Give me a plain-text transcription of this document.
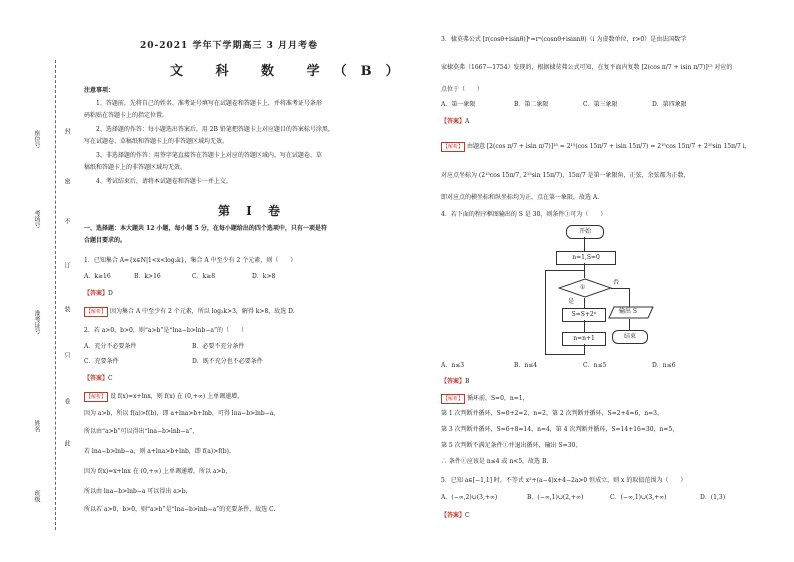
封
密
不
订
装
只
卷
此
座位号
考场号
准考证号
姓名
班级
20-2021 学年下学期高三 3 月月考卷
文 科 数 学（B）
注意事项：
1、答题前，先将自己的姓名、准考证号填写在试题卷和答题卡上，并将准考证号条形
码粘贴在答题卡上的指定位置。
2、选择题的作答：每小题选出答案后，用 2B 铅笔把答题卡上对应题目的答案标号涂黑，
写在试题卷、草稿纸和答题卡上的非答题区域均无效。
3、非选择题的作答：用签字笔直接答在答题卡上对应的答题区域内。写在试题卷、草
稿纸和答题卡上的非答题区域均无效。
4、考试结束后，请将本试题卷和答题卡一并上交。
第 I 卷
一、选择题：本大题共 12 小题，每小题 5 分，在每小题给出的四个选项中，只有一项是符
合题目要求的。
1．已知集合 A={x∈N|1<x<log₂k}，集合 A 中至少有 2 个元素，则（　　）
A．k≥16	B．k>16	C．k≥8	D．k>8
【答案】D
【解析】 因为集合 A 中至少有 2 个元素，所以 log₂k>3，解得 k>8，故选 D.
2．若 a>0，b>0，则“a>b”是“lna−b>lnb−a”的（　　）
A．充分不必要条件	B．必要不充分条件
C．充要条件	D．既不充分也不必要条件
【答案】C
【解析】 设 f(x)=x+lnx，则 f(x) 在 (0,+∞) 上单调递增，
因为 a>b，所以 f(a)>f(b)，即 a+lna>b+lnb，可得 lna−b>lnb−a，
所以由“a>b”可以得出“lna−b>lnb−a”，
若 lna−b>lnb−a，则 a+lna>b+lnb，即 f(a)>f(b)，
因为 f(x)=x+lnx 在 (0,+∞) 上单调递增，所以 a>b，
所以由 lna−b>lnb−a 可以得出 a>b，
所以若 a>0，b>0，则“a>b”是“lna−b>lnb−a”的充要条件，故选 C.
3．棣莫弗公式 [r(cosθ+isinθ)]ⁿ=rⁿ(cosnθ+isinnθ)（i 为虚数单位，r>0）是由法国数学
家棣莫弗（1667—1754）发现的，根据棣莫弗公式可知，在复平面内复数 [2(cos π/7 + isin π/7)]¹⁵ 对应的
点位于（　　）
A．第一象限	B．第二象限	C．第三象限	D．第四象限
【答案】A
【解析】 由题意 [2(cos π/7 + isin π/7)]¹⁵ = 2¹⁵(cos 15π/7 + isin 15π/7) = 2¹⁵cos 15π/7 + 2¹⁵sin 15π/7 i，
对应点坐标为 (2¹⁵cos 15π/7, 2¹⁵sin 15π/7)，15π/7 是第一象限角，正弦，余弦都为正数，
即对应点的横坐标和纵坐标均为正，点在第一象限，故选 A.
4．若下面的程序框图输出的 S 是 30，则条件①可为（　　）
开始
n=1,S=0
①
否
输出 S
结束
是
S=S+2ⁿ
n=n+1
A．n≤3	B．n≤4	C．n≤5	D．n≤6
【答案】B
【解析】 循环前，S=0，n=1，
第 1 次判断并循环，S=0+2=2，n=2，第 2 次判断并循环，S=2+4=6，n=3，
第 3 次判断并循环，S=6+8=14，n=4，第 4 次判断并循环，S=14+16=30，n=5，
第 5 次判断不满足条件①并退出循环，输出 S=30，
∴ 条件①应该是 n≤4 或 n<5，故选 B.
5．已知 a∈[−1,1] 时，不等式 x²+(a−4)x+4−2a>0 恒成立，则 x 的取值范围为（　　）
A．(−∞,2)∪(3,+∞)	B．(−∞,1)∪(2,+∞)	C．(−∞,1)∪(3,+∞)	D．(1,3)
【答案】C
